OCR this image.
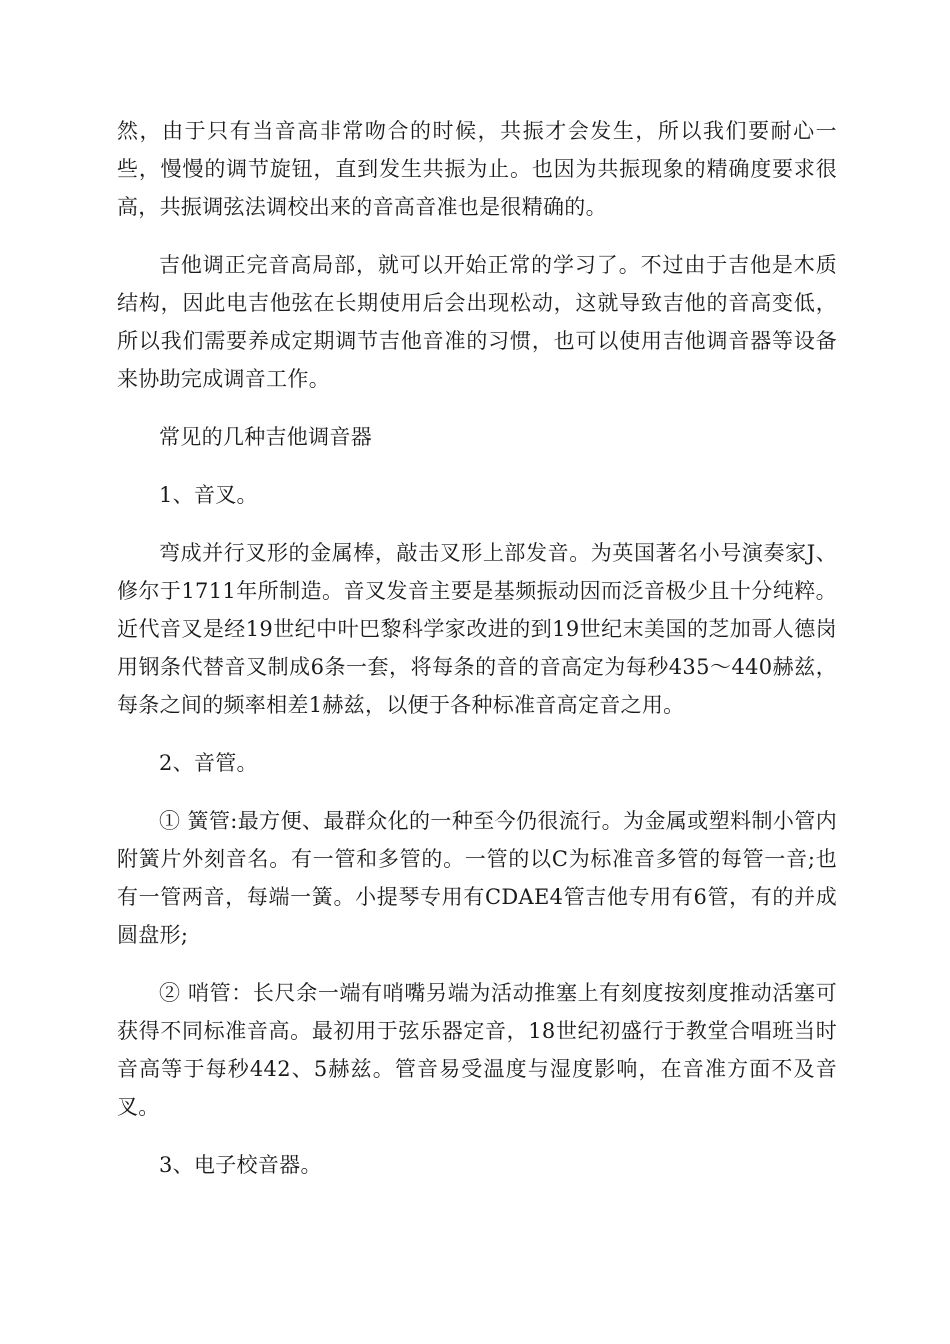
然，由于只有当音高非常吻合的时候，共振才会发生，所以我们要耐心一些，慢慢的调节旋钮，直到发生共振为止。也因为共振现象的精确度要求很高，共振调弦法调校出来的音高音准也是很精确的。

吉他调正完音高局部，就可以开始正常的学习了。不过由于吉他是木质结构，因此电吉他弦在长期使用后会出现松动，这就导致吉他的音高变低，所以我们需要养成定期调节吉他音准的习惯，也可以使用吉他调音器等设备来协助完成调音工作。

常见的几种吉他调音器

1、音叉。

弯成并行叉形的金属棒，敲击叉形上部发音。为英国著名小号演奏家J、修尔于1711年所制造。音叉发音主要是基频振动因而泛音极少且十分纯粹。近代音叉是经19世纪中叶巴黎科学家改进的到19世纪末美国的芝加哥人德岗用钢条代替音叉制成6条一套，将每条的音的音高定为每秒435～440赫兹，每条之间的频率相差1赫兹，以便于各种标准音高定音之用。

2、音管。

① 簧管:最方便、最群众化的一种至今仍很流行。为金属或塑料制小管内附簧片外刻音名。有一管和多管的。一管的以C为标准音多管的每管一音;也有一管两音，每端一簧。小提琴专用有CDAE4管吉他专用有6管，有的并成圆盘形;

② 哨管：长尺余一端有哨嘴另端为活动推塞上有刻度按刻度推动活塞可获得不同标准音高。最初用于弦乐器定音，18世纪初盛行于教堂合唱班当时音高等于每秒442、5赫兹。管音易受温度与湿度影响，在音准方面不及音叉。

3、电子校音器。
